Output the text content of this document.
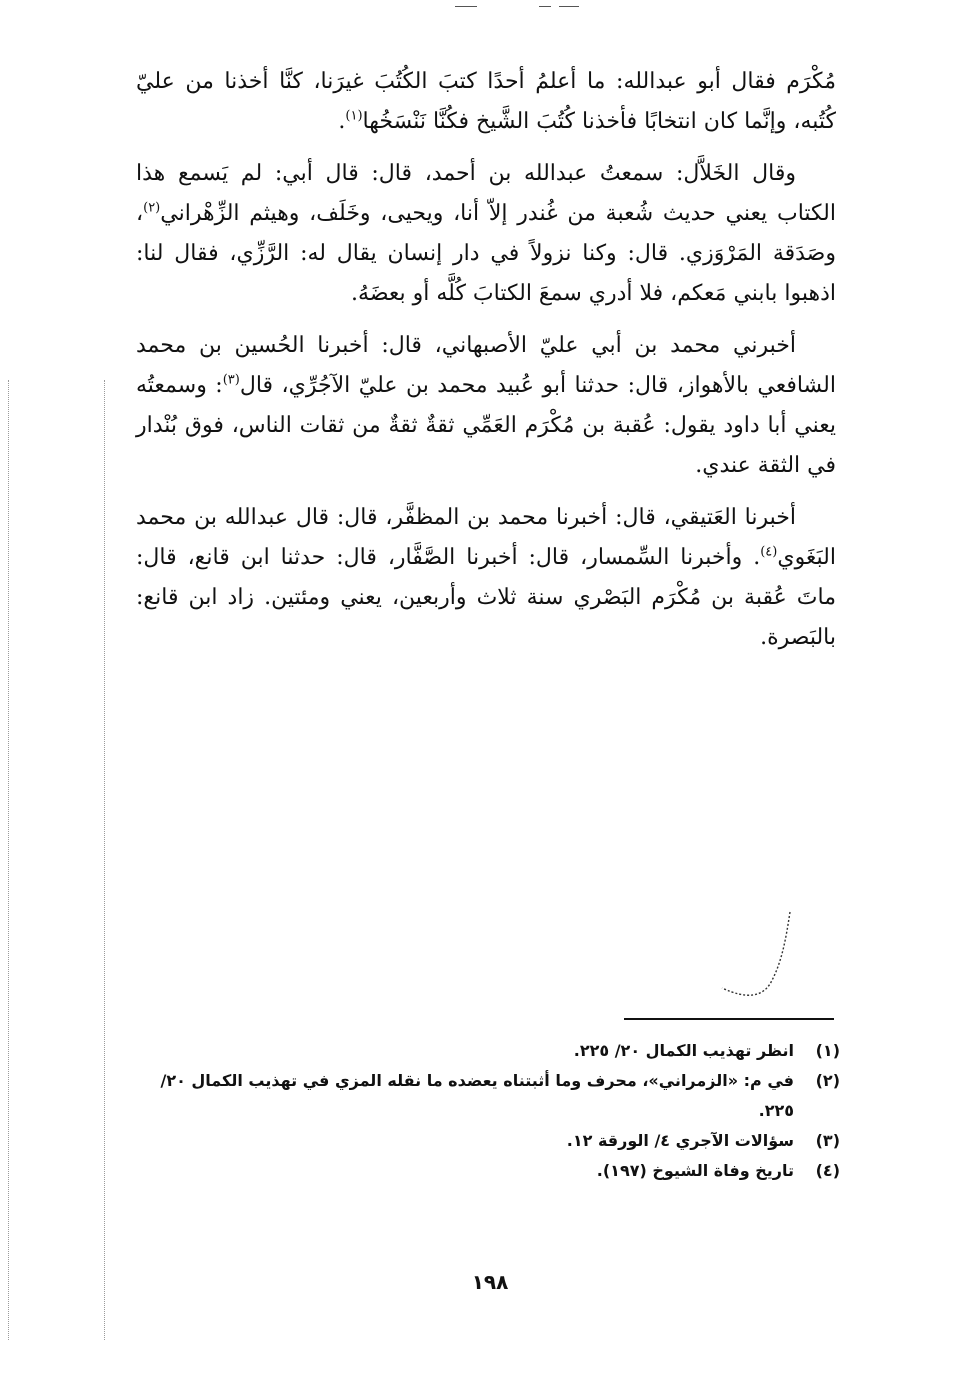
مُكْرَم فقال أبو عبدالله: ما أعلمُ أحدًا كتبَ الكُتُبَ غيرَنا، كنَّا أخذنا من عليّ كُتُبه، وإنَّما كان انتخابًا فأخذنا كُتُبَ الشَّيخ فكُنَّا نَنْسَخُها$^{(١)}$.

وقال الخَلاَّل: سمعتُ عبدالله بن أحمد، قال: قال أبي: لم يَسمع هذا الكتاب يعني حديث شُعبة من غُندر إلاّ أنا، ويحيى، وخَلَف، وهيثم الزِّهْراني$^{(٢)}$، وصَدَقة المَرْوَزي. قال: وكنا نزولاً في دار إنسان يقال له: الرَّزِّي، فقال لنا: اذهبوا بابني مَعكم، فلا أدري سمعَ الكتابَ كُلَّه أو بعضَهُ.

أخبرني محمد بن أبي عليّ الأصبهاني، قال: أخبرنا الحُسين بن محمد الشافعي بالأهواز، قال: حدثنا أبو عُبيد محمد بن عليّ الآجُرِّي، قال$^{(٣)}$: وسمعتُه يعني أبا داود يقول: عُقبة بن مُكْرَم العَمِّي ثقةٌ ثقةٌ من ثقات الناس، فوق بُنْدار في الثقة عندي.

أخبرنا العَتيقي، قال: أخبرنا محمد بن المظفَّر، قال: قال عبدالله بن محمد البَغَوي$^{(٤)}$. وأخبرنا السِّمسار، قال: أخبرنا الصَّفَّار، قال: حدثنا ابن قانع، قال: ماتَ عُقبة بن مُكْرَم البَصْري سنة ثلاث وأربعين، يعني ومئتين. زاد ابن قانع: بالبَصرة.

(١)
انظر تهذيب الكمال ٢٠/ ٢٢٥.
(٢)
في م: «الزمراني»، محرف وما أثبتناه يعضده ما نقله المزي في تهذيب الكمال ٢٠/ ٢٢٥.
(٣)
سؤالات الآجري ٤/ الورقة ١٢.
(٤)
تاريخ وفاة الشيوخ (١٩٧).
١٩٨
